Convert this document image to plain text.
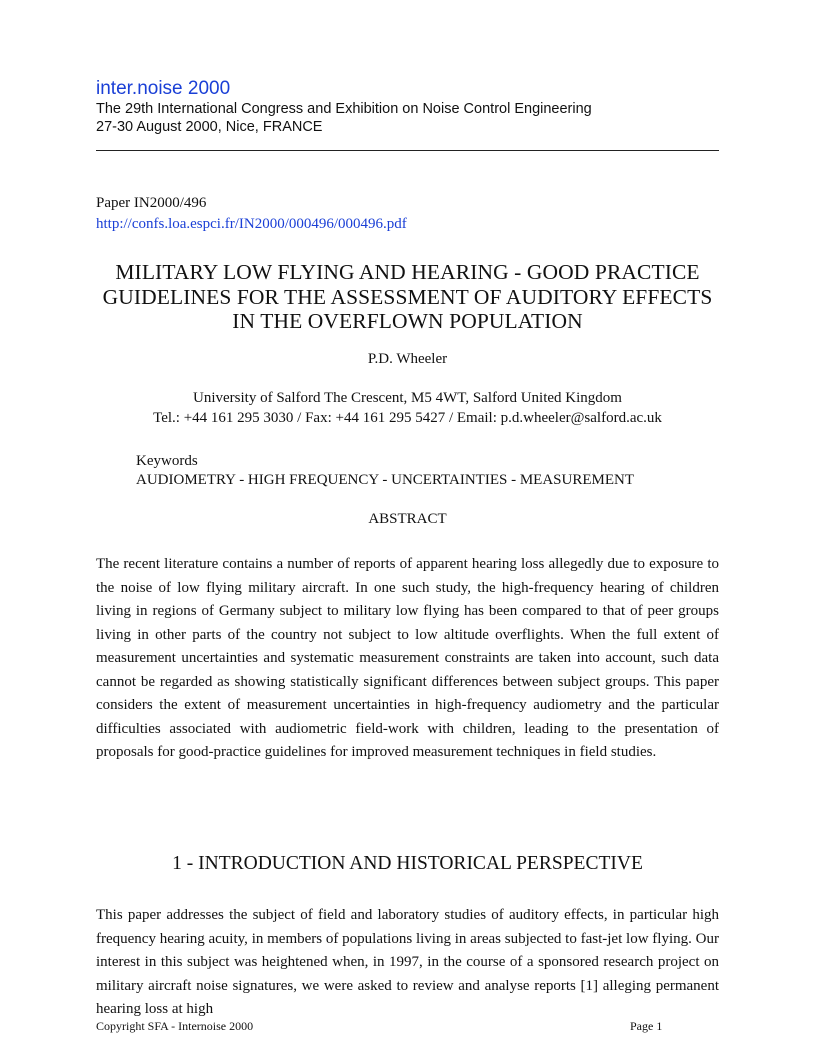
inter.noise 2000
The 29th International Congress and Exhibition on Noise Control Engineering
27-30 August 2000, Nice, FRANCE
Paper IN2000/496
http://confs.loa.espci.fr/IN2000/000496/000496.pdf
MILITARY LOW FLYING AND HEARING - GOOD PRACTICE GUIDELINES FOR THE ASSESSMENT OF AUDITORY EFFECTS IN THE OVERFLOWN POPULATION
P.D. Wheeler
University of Salford The Crescent, M5 4WT, Salford United Kingdom
Tel.: +44 161 295 3030 / Fax: +44 161 295 5427 / Email: p.d.wheeler@salford.ac.uk
Keywords
AUDIOMETRY - HIGH FREQUENCY - UNCERTAINTIES - MEASUREMENT
ABSTRACT

The recent literature contains a number of reports of apparent hearing loss allegedly due to exposure to the noise of low flying military aircraft. In one such study, the high-frequency hearing of children living in regions of Germany subject to military low flying has been compared to that of peer groups living in other parts of the country not subject to low altitude overflights. When the full extent of measurement uncertainties and systematic measurement constraints are taken into account, such data cannot be regarded as showing statistically significant differences between subject groups. This paper considers the extent of measurement uncertainties in high-frequency audiometry and the particular difficulties associated with audiometric field-work with children, leading to the presentation of proposals for good-practice guidelines for improved measurement techniques in field studies.

1 - INTRODUCTION AND HISTORICAL PERSPECTIVE

This paper addresses the subject of field and laboratory studies of auditory effects, in particular high frequency hearing acuity, in members of populations living in areas subjected to fast-jet low flying. Our interest in this subject was heightened when, in 1997, in the course of a sponsored research project on military aircraft noise signatures, we were asked to review and analyse reports [1] alleging permanent hearing loss at high

Copyright SFA - Internoise 2000	Page 1
